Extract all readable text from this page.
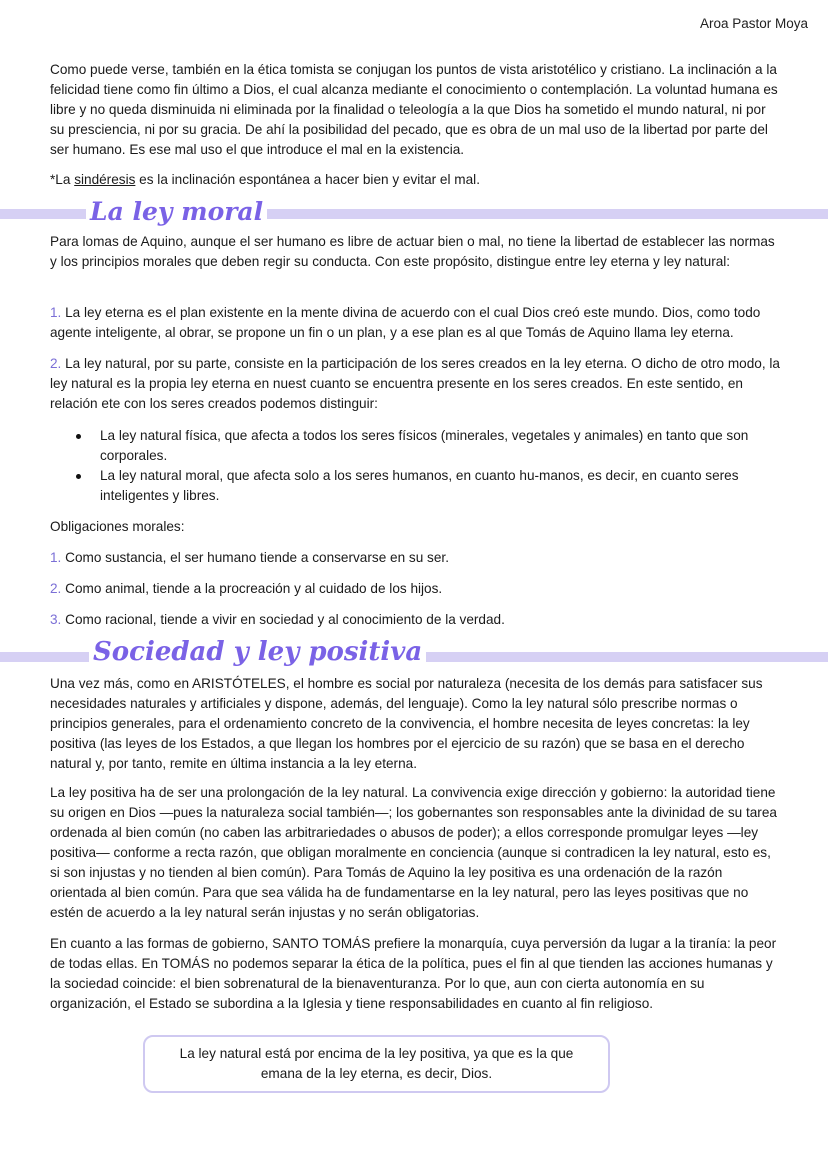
Aroa Pastor Moya

Como puede verse, también en la ética tomista se conjugan los puntos de vista aristotélico y cristiano. La inclinación a la felicidad tiene como fin último a Dios, el cual alcanza mediante el conocimiento o contemplación. La voluntad humana es libre y no queda disminuida ni eliminada por la finalidad o teleología a la que Dios ha sometido el mundo natural, ni por su presciencia, ni por su gracia. De ahí la posibilidad del pecado, que es obra de un mal uso de la libertad por parte del ser humano. Es ese mal uso el que introduce el mal en la existencia.

*La sindéresis es la inclinación espontánea a hacer bien y evitar el mal.

La ley moral

Para lomas de Aquino, aunque el ser humano es libre de actuar bien o mal, no tiene la libertad de establecer las normas y los principios morales que deben regir su conducta. Con este propósito, distingue entre ley eterna y ley natural:

1. La ley eterna es el plan existente en la mente divina de acuerdo con el cual Dios creó este mundo. Dios, como todo agente inteligente, al obrar, se propone un fin o un plan, y a ese plan es al que Tomás de Aquino llama ley eterna.

2. La ley natural, por su parte, consiste en la participación de los seres creados en la ley eterna. O dicho de otro modo, la ley natural es la propia ley eterna en nuest cuanto se encuentra presente en los seres creados. En este sentido, en relación ete con los seres creados podemos distinguir:

La ley natural física, que afecta a todos los seres físicos (minerales, vegetales y animales) en tanto que son corporales.
La ley natural moral, que afecta solo a los seres humanos, en cuanto hu-manos, es decir, en cuanto seres inteligentes y libres.

Obligaciones morales:

1. Como sustancia, el ser humano tiende a conservarse en su ser.

2. Como animal, tiende a la procreación y al cuidado de los hijos.

3. Como racional, tiende a vivir en sociedad y al conocimiento de la verdad.

Sociedad y ley positiva

Una vez más, como en ARISTÓTELES, el hombre es social por naturaleza (necesita de los demás para satisfacer sus necesidades naturales y artificiales y dispone, además, del lenguaje). Como la ley natural sólo prescribe normas o principios generales, para el ordenamiento concreto de la convivencia, el hombre necesita de leyes concretas: la ley positiva (las leyes de los Estados, a que llegan los hombres por el ejercicio de su razón) que se basa en el derecho natural y, por tanto, remite en última instancia a la ley eterna.

La ley positiva ha de ser una prolongación de la ley natural. La convivencia exige dirección y gobierno: la autoridad tiene su origen en Dios —pues la naturaleza social también—; los gobernantes son responsables ante la divinidad de su tarea ordenada al bien común (no caben las arbitrariedades o abusos de poder); a ellos corresponde promulgar leyes —ley positiva— conforme a recta razón, que obligan moralmente en conciencia (aunque si contradicen la ley natural, esto es, si son injustas y no tienden al bien común). Para Tomás de Aquino la ley positiva es una ordenación de la razón orientada al bien común. Para que sea válida ha de fundamentarse en la ley natural, pero las leyes positivas que no estén de acuerdo a la ley natural serán injustas y no serán obligatorias.

En cuanto a las formas de gobierno, SANTO TOMÁS prefiere la monarquía, cuya perversión da lugar a la tiranía: la peor de todas ellas. En TOMÁS no podemos separar la ética de la política, pues el fin al que tienden las acciones humanas y la sociedad coincide: el bien sobrenatural de la bienaventuranza. Por lo que, aun con cierta autonomía en su organización, el Estado se subordina a la Iglesia y tiene responsabilidades en cuanto al fin religioso.

La ley natural está por encima de la ley positiva, ya que es la que emana de la ley eterna, es decir, Dios.
